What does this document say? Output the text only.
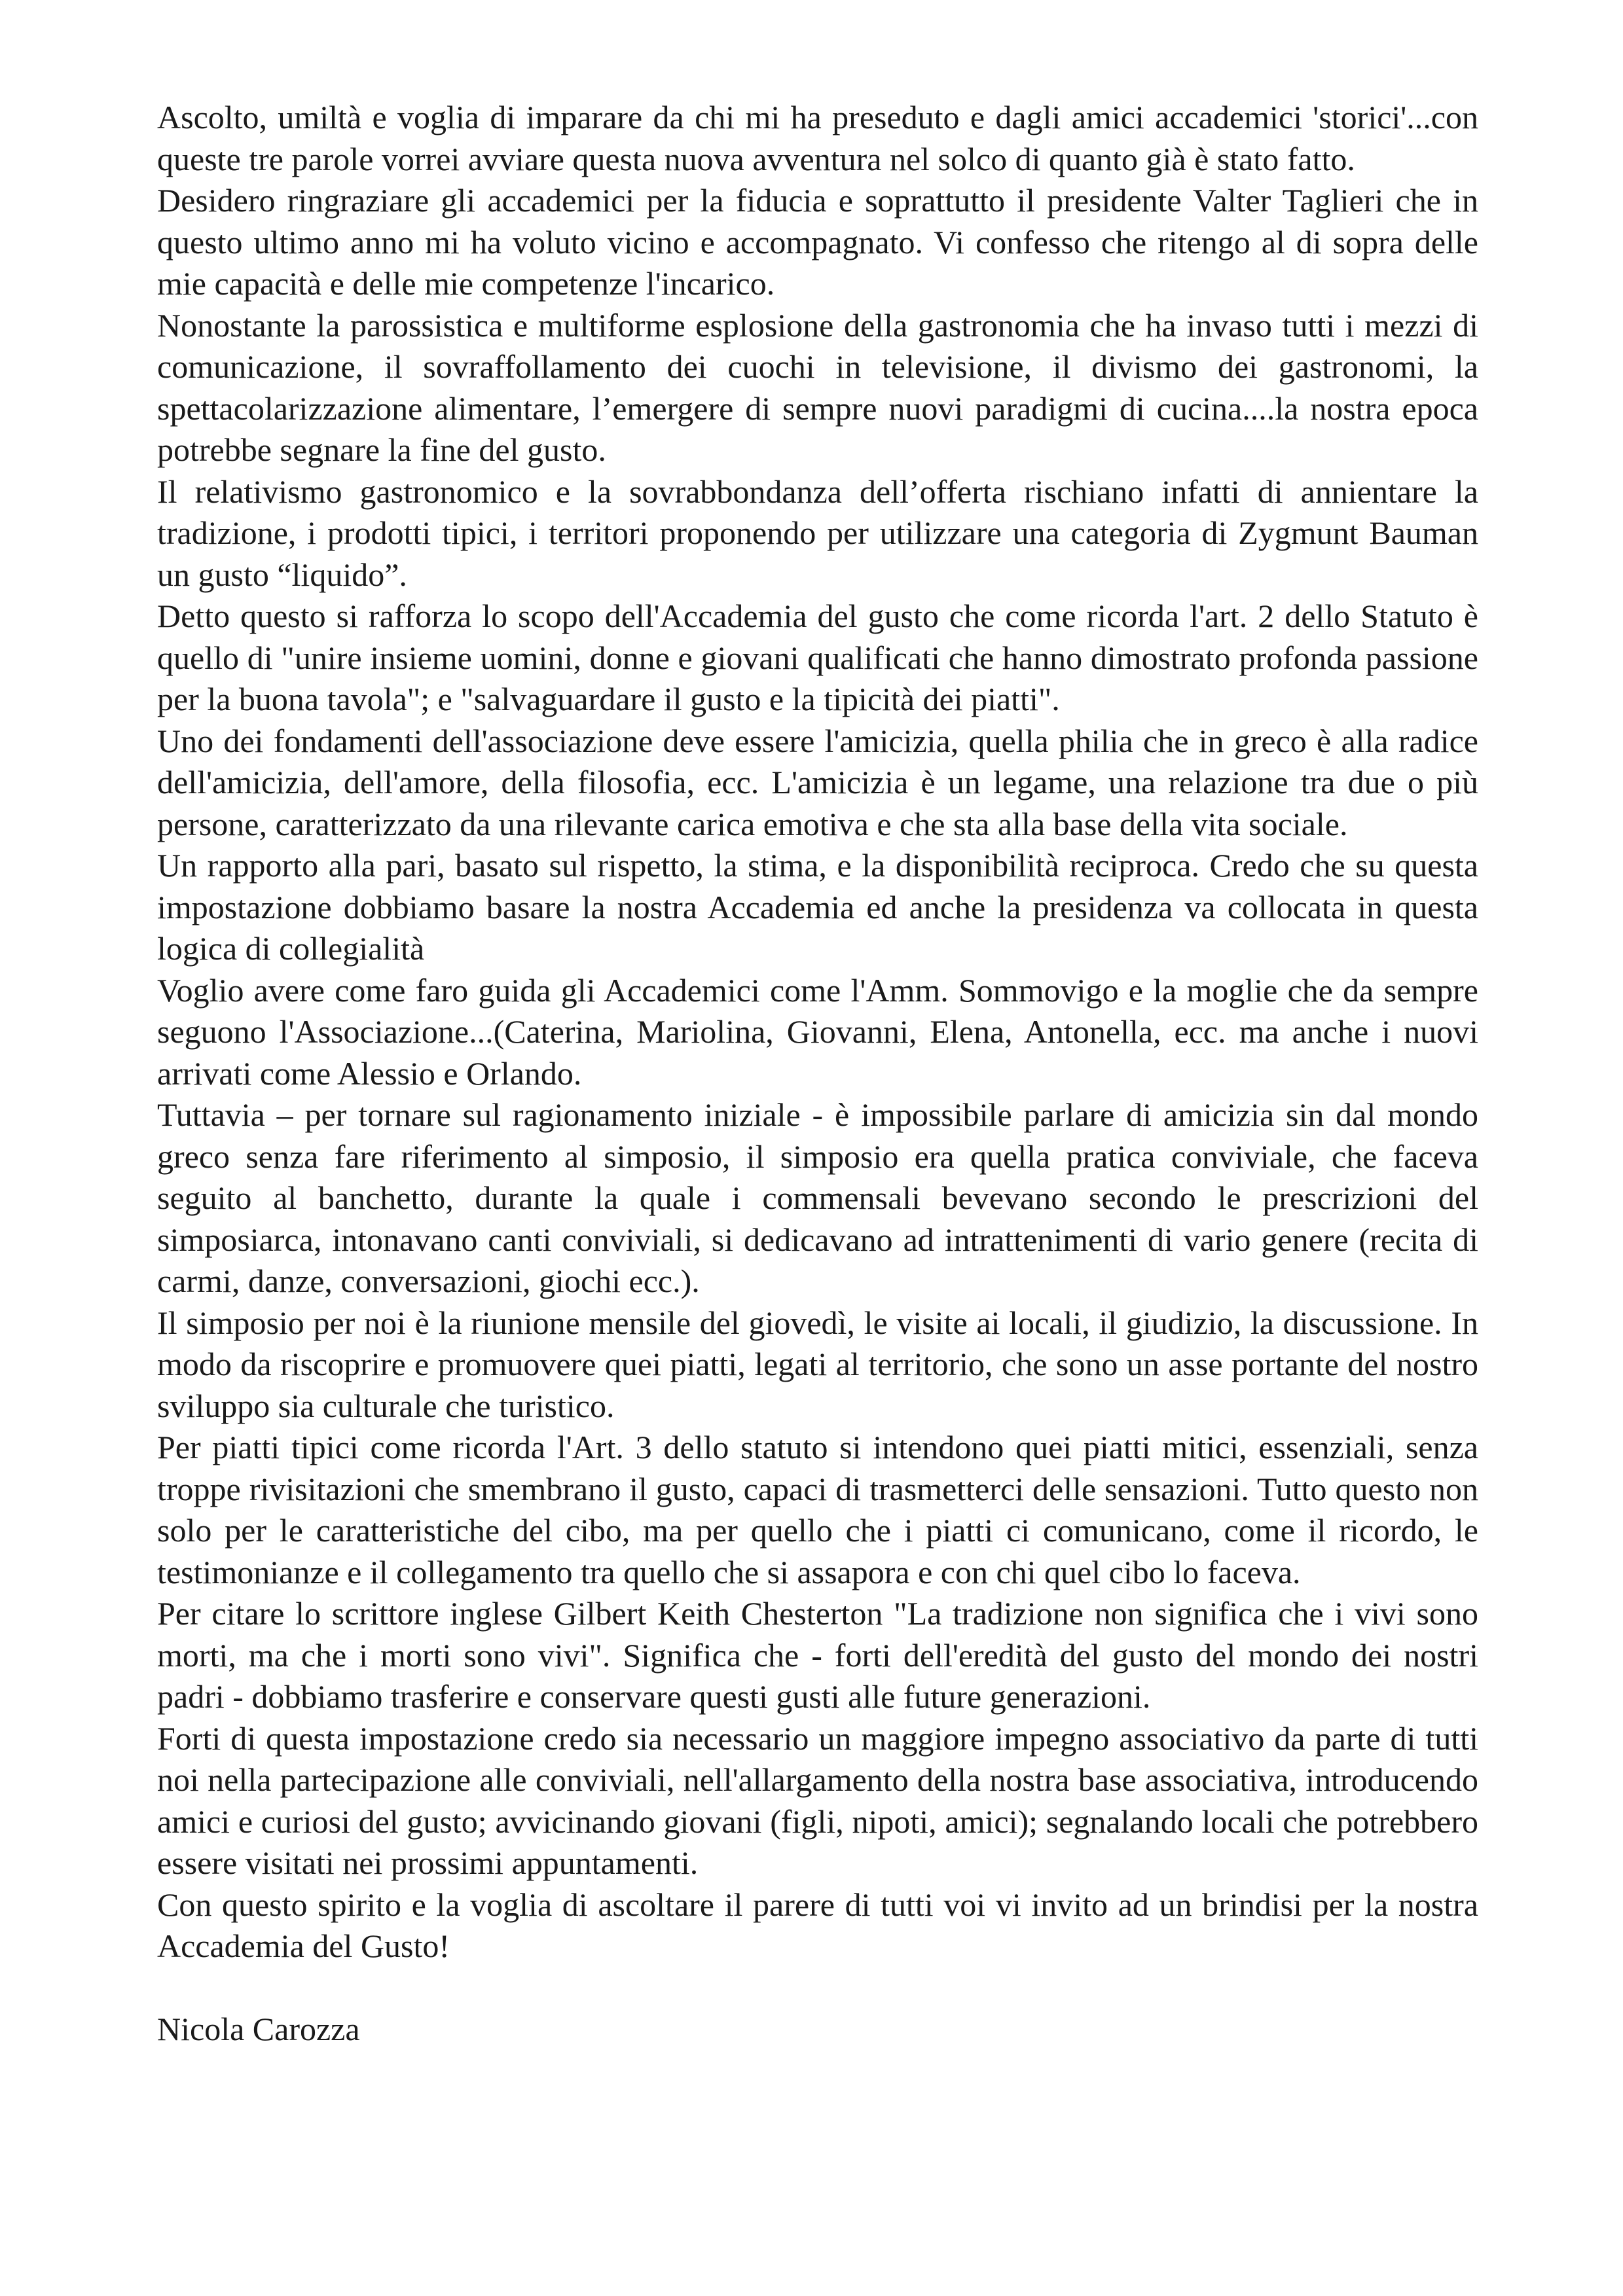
Ascolto, umiltà e voglia di imparare da chi mi ha preseduto e dagli amici accademici 'storici'...con queste tre parole vorrei avviare questa nuova avventura nel solco di quanto già è stato fatto.

Desidero ringraziare gli accademici per la fiducia e soprattutto il presidente Valter Taglieri che in questo ultimo anno mi ha voluto vicino e accompagnato. Vi confesso che ritengo al di sopra delle mie capacità e delle mie competenze l'incarico.

Nonostante la parossistica e multiforme esplosione della gastronomia che ha invaso tutti i mezzi di comunicazione, il sovraffollamento dei cuochi in televisione, il divismo dei gastronomi, la spettacolarizzazione alimentare, l’emergere di sempre nuovi paradigmi di cucina....la nostra epoca potrebbe segnare la fine del gusto.

Il relativismo gastronomico e la sovrabbondanza dell’offerta rischiano infatti di annientare la tradizione, i prodotti tipici, i territori proponendo per utilizzare una categoria di Zygmunt Bauman un gusto “liquido”.

Detto questo si rafforza lo scopo dell'Accademia del gusto che come ricorda l'art. 2 dello Statuto è quello di "unire insieme uomini, donne e giovani qualificati che hanno dimostrato profonda passione per la buona tavola"; e "salvaguardare il gusto e la tipicità dei piatti".

Uno dei fondamenti dell'associazione deve essere l'amicizia, quella philia che in greco è alla radice dell'amicizia, dell'amore, della filosofia, ecc. L'amicizia è un legame, una relazione tra due o più persone, caratterizzato da una rilevante carica emotiva e che sta alla base della vita sociale.

Un rapporto alla pari, basato sul rispetto, la stima, e la disponibilità reciproca. Credo che su questa impostazione dobbiamo basare la nostra Accademia ed anche la presidenza va collocata in questa logica di collegialità

Voglio avere come faro guida gli Accademici come l'Amm. Sommovigo e la moglie che da sempre seguono l'Associazione...(Caterina, Mariolina, Giovanni, Elena, Antonella, ecc. ma anche i nuovi arrivati come Alessio e Orlando.

Tuttavia – per tornare sul ragionamento iniziale - è impossibile parlare di amicizia sin dal mondo greco senza fare riferimento al simposio, il simposio era quella pratica conviviale, che faceva seguito al banchetto, durante la quale i commensali bevevano secondo le prescrizioni del simposiarca, intonavano canti conviviali, si dedicavano ad intrattenimenti di vario genere (recita di carmi, danze, conversazioni, giochi ecc.).

Il simposio per noi è la riunione mensile del giovedì, le visite ai locali, il giudizio, la discussione. In modo da riscoprire e promuovere quei piatti, legati al territorio, che sono un asse portante del nostro sviluppo sia culturale che turistico.

Per piatti tipici come ricorda l'Art. 3 dello statuto si intendono quei piatti mitici, essenziali, senza troppe rivisitazioni che smembrano il gusto, capaci di trasmetterci delle sensazioni. Tutto questo non solo per le caratteristiche del cibo, ma per quello che i piatti ci comunicano, come il ricordo, le testimonianze e il collegamento tra quello che si assapora e con chi quel cibo lo faceva.

Per citare lo scrittore inglese Gilbert Keith Chesterton "La tradizione non significa che i vivi sono morti, ma che i morti sono vivi". Significa che - forti dell'eredità del gusto del mondo dei nostri padri - dobbiamo trasferire e conservare questi gusti alle future generazioni.

Forti di questa impostazione credo sia necessario un maggiore impegno associativo da parte di tutti noi nella partecipazione alle conviviali, nell'allargamento della nostra base associativa, introducendo amici e curiosi del gusto; avvicinando giovani (figli, nipoti, amici); segnalando locali che potrebbero essere visitati nei prossimi appuntamenti.

Con questo spirito e la voglia di ascoltare il parere di tutti voi vi invito ad un brindisi per la nostra Accademia del Gusto!

Nicola Carozza
